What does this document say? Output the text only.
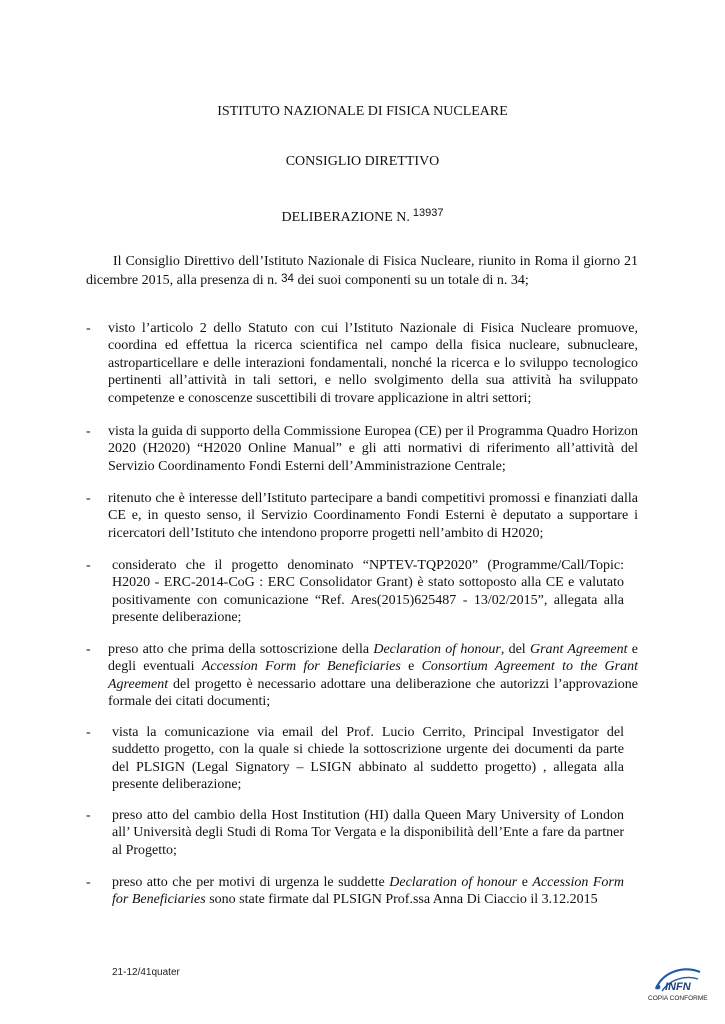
ISTITUTO NAZIONALE DI FISICA NUCLEARE
CONSIGLIO DIRETTIVO
DELIBERAZIONE N. $^{13937}$
Il Consiglio Direttivo dell’Istituto Nazionale di Fisica Nucleare, riunito in Roma il giorno 21 dicembre 2015, alla presenza di n. 34 dei suoi componenti su un totale di n. 34;
- visto l’articolo 2 dello Statuto con cui l’Istituto Nazionale di Fisica Nucleare promuove, coordina ed effettua la ricerca scientifica nel campo della fisica nucleare, subnucleare, astroparticellare e delle interazioni fondamentali, nonché la ricerca e lo sviluppo tecnologico pertinenti all’attività in tali settori, e nello svolgimento della sua attività ha sviluppato competenze e conoscenze suscettibili di trovare applicazione in altri settori;
- vista la guida di supporto della Commissione Europea (CE) per il Programma Quadro Horizon 2020 (H2020) “H2020 Online Manual” e gli atti normativi di riferimento all’attività del Servizio Coordinamento Fondi Esterni dell’Amministrazione Centrale;
- ritenuto che è interesse dell’Istituto partecipare a bandi competitivi promossi e finanziati dalla CE e, in questo senso, il Servizio Coordinamento Fondi Esterni è deputato a supportare i ricercatori dell’Istituto che intendono proporre progetti nell’ambito di H2020;
- considerato che il progetto denominato “NPTEV-TQP2020” (Programme/Call/Topic: H2020 - ERC-2014-CoG : ERC Consolidator Grant) è stato sottoposto alla CE e valutato positivamente con comunicazione “Ref. Ares(2015)625487 - 13/02/2015”, allegata alla presente deliberazione;
- preso atto che prima della sottoscrizione della Declaration of honour, del Grant Agreement e degli eventuali Accession Form for Beneficiaries e Consortium Agreement to the Grant Agreement del progetto è necessario adottare una deliberazione che autorizzi l’approvazione formale dei citati documenti;
- vista la comunicazione via email del Prof. Lucio Cerrito, Principal Investigator del suddetto progetto, con la quale si chiede la sottoscrizione urgente dei documenti da parte del PLSIGN (Legal Signatory – LSIGN abbinato al suddetto progetto) , allegata alla presente deliberazione;
- preso atto del cambio della Host Institution (HI) dalla Queen Mary University of London all’ Università degli Studi di Roma Tor Vergata e la disponibilità dell’Ente a fare da partner al Progetto;
- preso atto che per motivi di urgenza le suddette Declaration of honour e Accession Form for Beneficiaries sono state firmate dal PLSIGN Prof.ssa Anna Di Ciaccio il 3.12.2015
21-12/41quater
INFN
COPIA CONFORME
